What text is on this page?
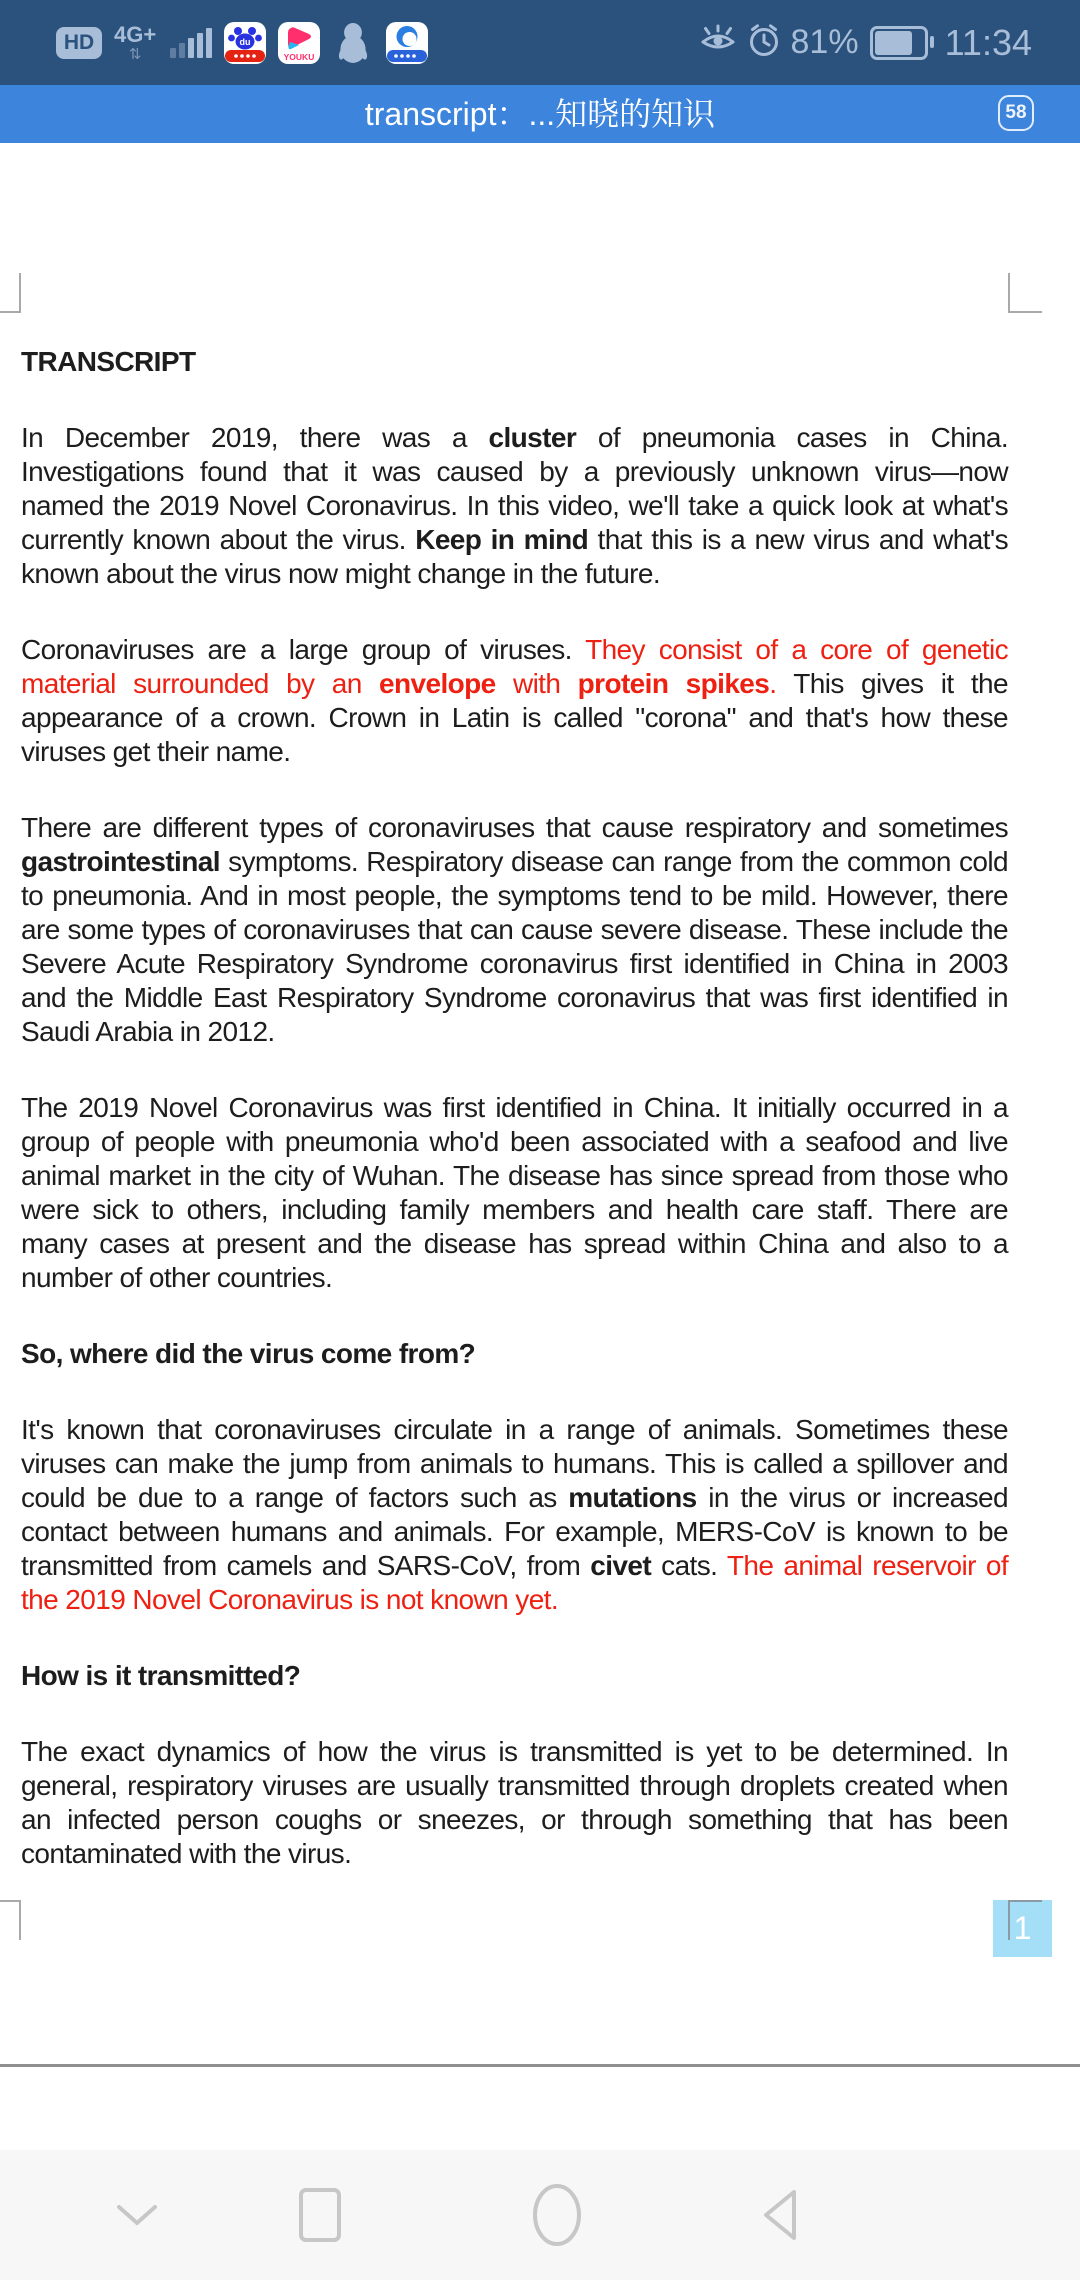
HD 4G+
⇅
du
YOUKU	81% 11:34
transcript：...知晓的知识	58
1
TRANSCRIPT

In December 2019, there was a cluster of pneumonia cases in China. Investigations found that it was caused by a previously unknown virus—now named the 2019 Novel Coronavirus. In this video, we'll take a quick look at what's currently known about the virus. Keep in mind that this is a new virus and what's known about the virus now might change in the future.

Coronaviruses are a large group of viruses. They consist of a core of genetic material surrounded by an envelope with protein spikes. This gives it the appearance of a crown. Crown in Latin is called "corona" and that's how these viruses get their name.

There are different types of coronaviruses that cause respiratory and sometimes gastrointestinal symptoms. Respiratory disease can range from the common cold to pneumonia. And in most people, the symptoms tend to be mild. However, there are some types of coronaviruses that can cause severe disease. These include the Severe Acute Respiratory Syndrome coronavirus first identified in China in 2003 and the Middle East Respiratory Syndrome coronavirus that was first identified in Saudi Arabia in 2012.

The 2019 Novel Coronavirus was first identified in China. It initially occurred in a group of people with pneumonia who'd been associated with a seafood and live animal market in the city of Wuhan. The disease has since spread from those who were sick to others, including family members and health care staff. There are many cases at present and the disease has spread within China and also to a number of other countries.

So, where did the virus come from?

It's known that coronaviruses circulate in a range of animals. Sometimes these viruses can make the jump from animals to humans. This is called a spillover and could be due to a range of factors such as mutations in the virus or increased contact between humans and animals. For example, MERS-CoV is known to be transmitted from camels and SARS-CoV, from civet cats. The animal reservoir of the 2019 Novel Coronavirus is not known yet.

How is it transmitted?

The exact dynamics of how the virus is transmitted is yet to be determined. In general, respiratory viruses are usually transmitted through droplets created when an infected person coughs or sneezes, or through something that has been contaminated with the virus.
